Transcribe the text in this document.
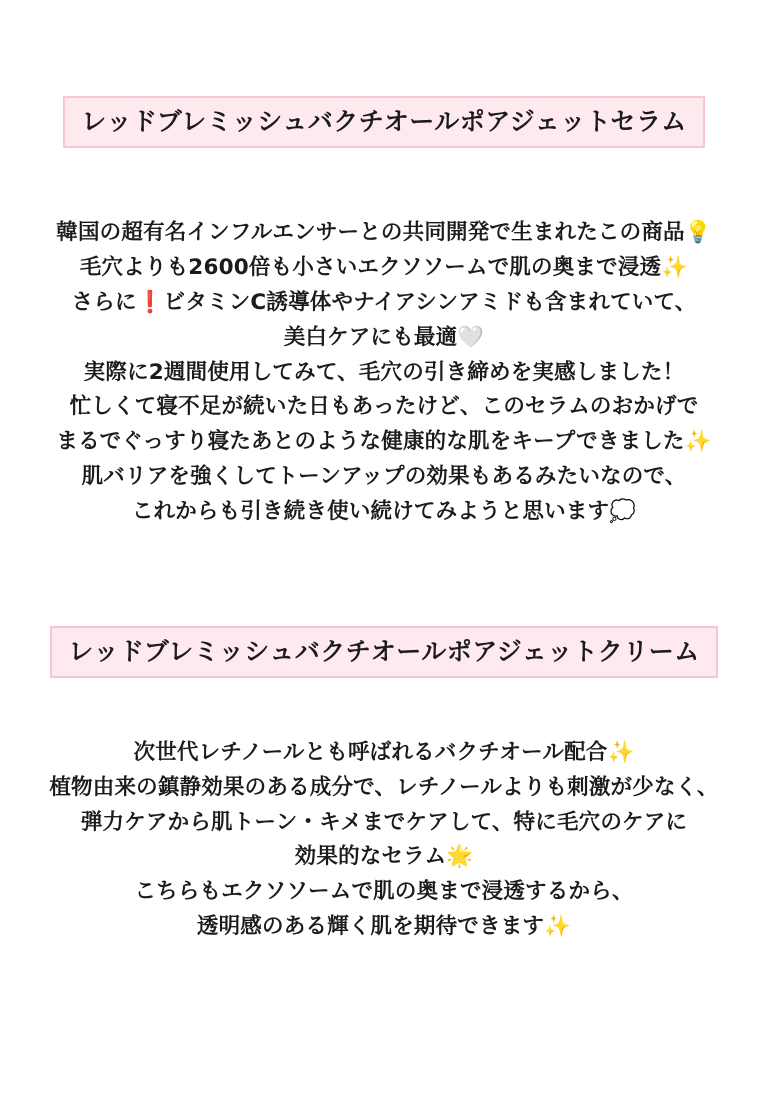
レッドブレミッシュバクチオールポアジェットセラム
韓国の超有名インフルエンサーとの共同開発で生まれたこの商品💡
毛穴よりも2600倍も小さいエクソソームで肌の奥まで浸透✨
さらに❗️ビタミンC誘導体やナイアシンアミドも含まれていて、
美白ケアにも最適🤍
実際に2週間使用してみて、毛穴の引き締めを実感しました！
忙しくて寝不足が続いた日もあったけど、このセラムのおかげで
まるでぐっすり寝たあとのような健康的な肌をキープできました✨
肌バリアを強くしてトーンアップの効果もあるみたいなので、
これからも引き続き使い続けてみようと思います💭
レッドブレミッシュバクチオールポアジェットクリーム
次世代レチノールとも呼ばれるバクチオール配合✨
植物由来の鎮静効果のある成分で、レチノールよりも刺激が少なく、
弾力ケアから肌トーン・キメまでケアして、特に毛穴のケアに
効果的なセラム🌟
こちらもエクソソームで肌の奥まで浸透するから、
透明感のある輝く肌を期待できます✨
